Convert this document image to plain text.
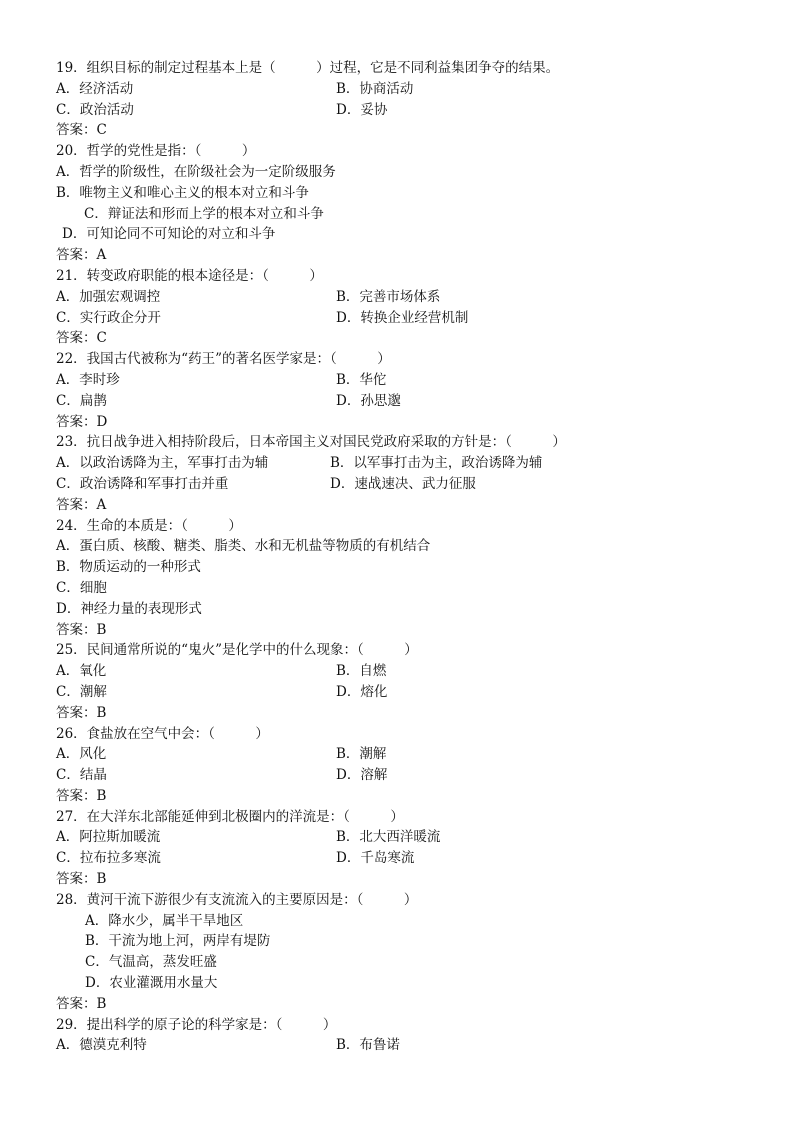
19．组织目标的制定过程基本上是（　　　）过程，它是不同利益集团争夺的结果。
A．经济活动	B．协商活动
C．政治活动	D．妥协
答案：C
20．哲学的党性是指：（　　　）
A．哲学的阶级性，在阶级社会为一定阶级服务
B．唯物主义和唯心主义的根本对立和斗争
C．辩证法和形而上学的根本对立和斗争
D．可知论同不可知论的对立和斗争
答案：A
21．转变政府职能的根本途径是：（　　　）
A．加强宏观调控	B．完善市场体系
C．实行政企分开	D．转换企业经营机制
答案：C
22．我国古代被称为“药王”的著名医学家是：（　　　）
A．李时珍	B．华佗
C．扁鹊	D．孙思邈
答案：D
23．抗日战争进入相持阶段后，日本帝国主义对国民党政府采取的方针是：（　　　）
A．以政治诱降为主，军事打击为辅	B．以军事打击为主，政治诱降为辅
C．政治诱降和军事打击并重	D．速战速决、武力征服
答案：A
24．生命的本质是：（　　　）
A．蛋白质、核酸、糖类、脂类、水和无机盐等物质的有机结合
B．物质运动的一种形式
C．细胞
D．神经力量的表现形式
答案：B
25．民间通常所说的“鬼火”是化学中的什么现象：（　　　）
A．氧化	B．自燃
C．潮解	D．熔化
答案：B
26．食盐放在空气中会：（　　　）
A．风化	B．潮解
C．结晶	D．溶解
答案：B
27．在大洋东北部能延伸到北极圈内的洋流是：（　　　）
A．阿拉斯加暖流	B．北大西洋暖流
C．拉布拉多寒流	D．千岛寒流
答案：B
28．黄河干流下游很少有支流流入的主要原因是：（　　　）
A．降水少，属半干旱地区
B．干流为地上河，两岸有堤防
C．气温高，蒸发旺盛
D．农业灌溉用水量大
答案：B
29．提出科学的原子论的科学家是：（　　　）
A．德漠克利特	B．布鲁诺
